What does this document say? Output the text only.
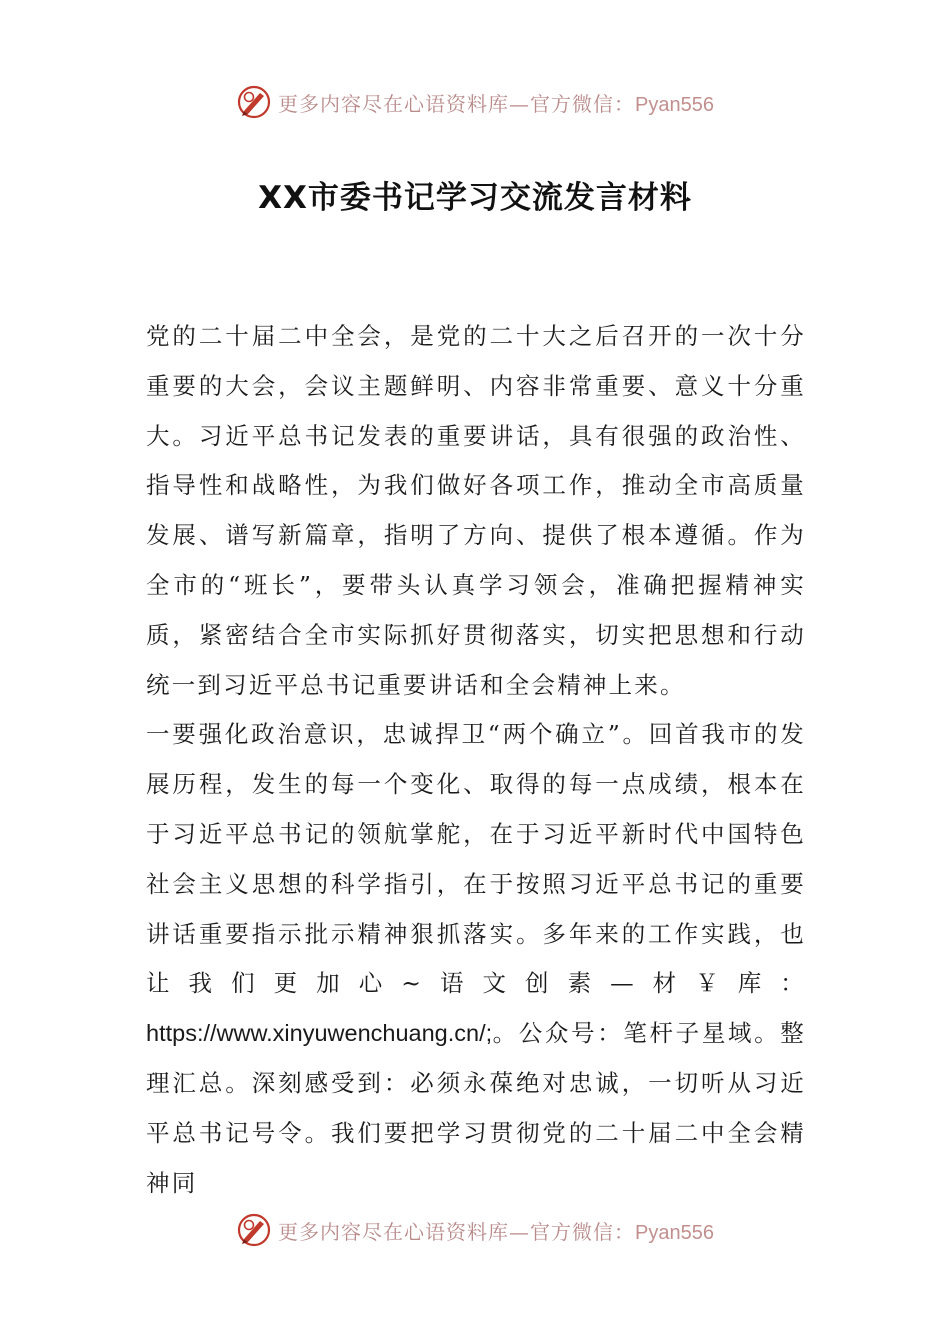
更多内容尽在心语资料库—官方微信：Pyan556
XX市委书记学习交流发言材料

党的二十届二中全会，是党的二十大之后召开的一次十分重要的大会，会议主题鲜明、内容非常重要、意义十分重大。习近平总书记发表的重要讲话，具有很强的政治性、指导性和战略性，为我们做好各项工作，推动全市高质量发展、谱写新篇章，指明了方向、提供了根本遵循。作为全市的“班长”，要带头认真学习领会，准确把握精神实质，紧密结合全市实际抓好贯彻落实，切实把思想和行动统一到习近平总书记重要讲话和全会精神上来。

一要强化政治意识，忠诚捍卫“两个确立”。回首我市的发展历程，发生的每一个变化、取得的每一点成绩，根本在于习近平总书记的领航掌舵，在于习近平新时代中国特色社会主义思想的科学指引，在于按照习近平总书记的重要讲话重要指示批示精神狠抓落实。多年来的工作实践，也让我们更加心~语文创素—材￥库：https://www.xinyuwenchuang.cn/;。公众号：笔杆子星域。整理汇总。深刻感受到：必须永葆绝对忠诚，一切听从习近平总书记号令。我们要把学习贯彻党的二十届二中全会精神同

更多内容尽在心语资料库—官方微信：Pyan556
